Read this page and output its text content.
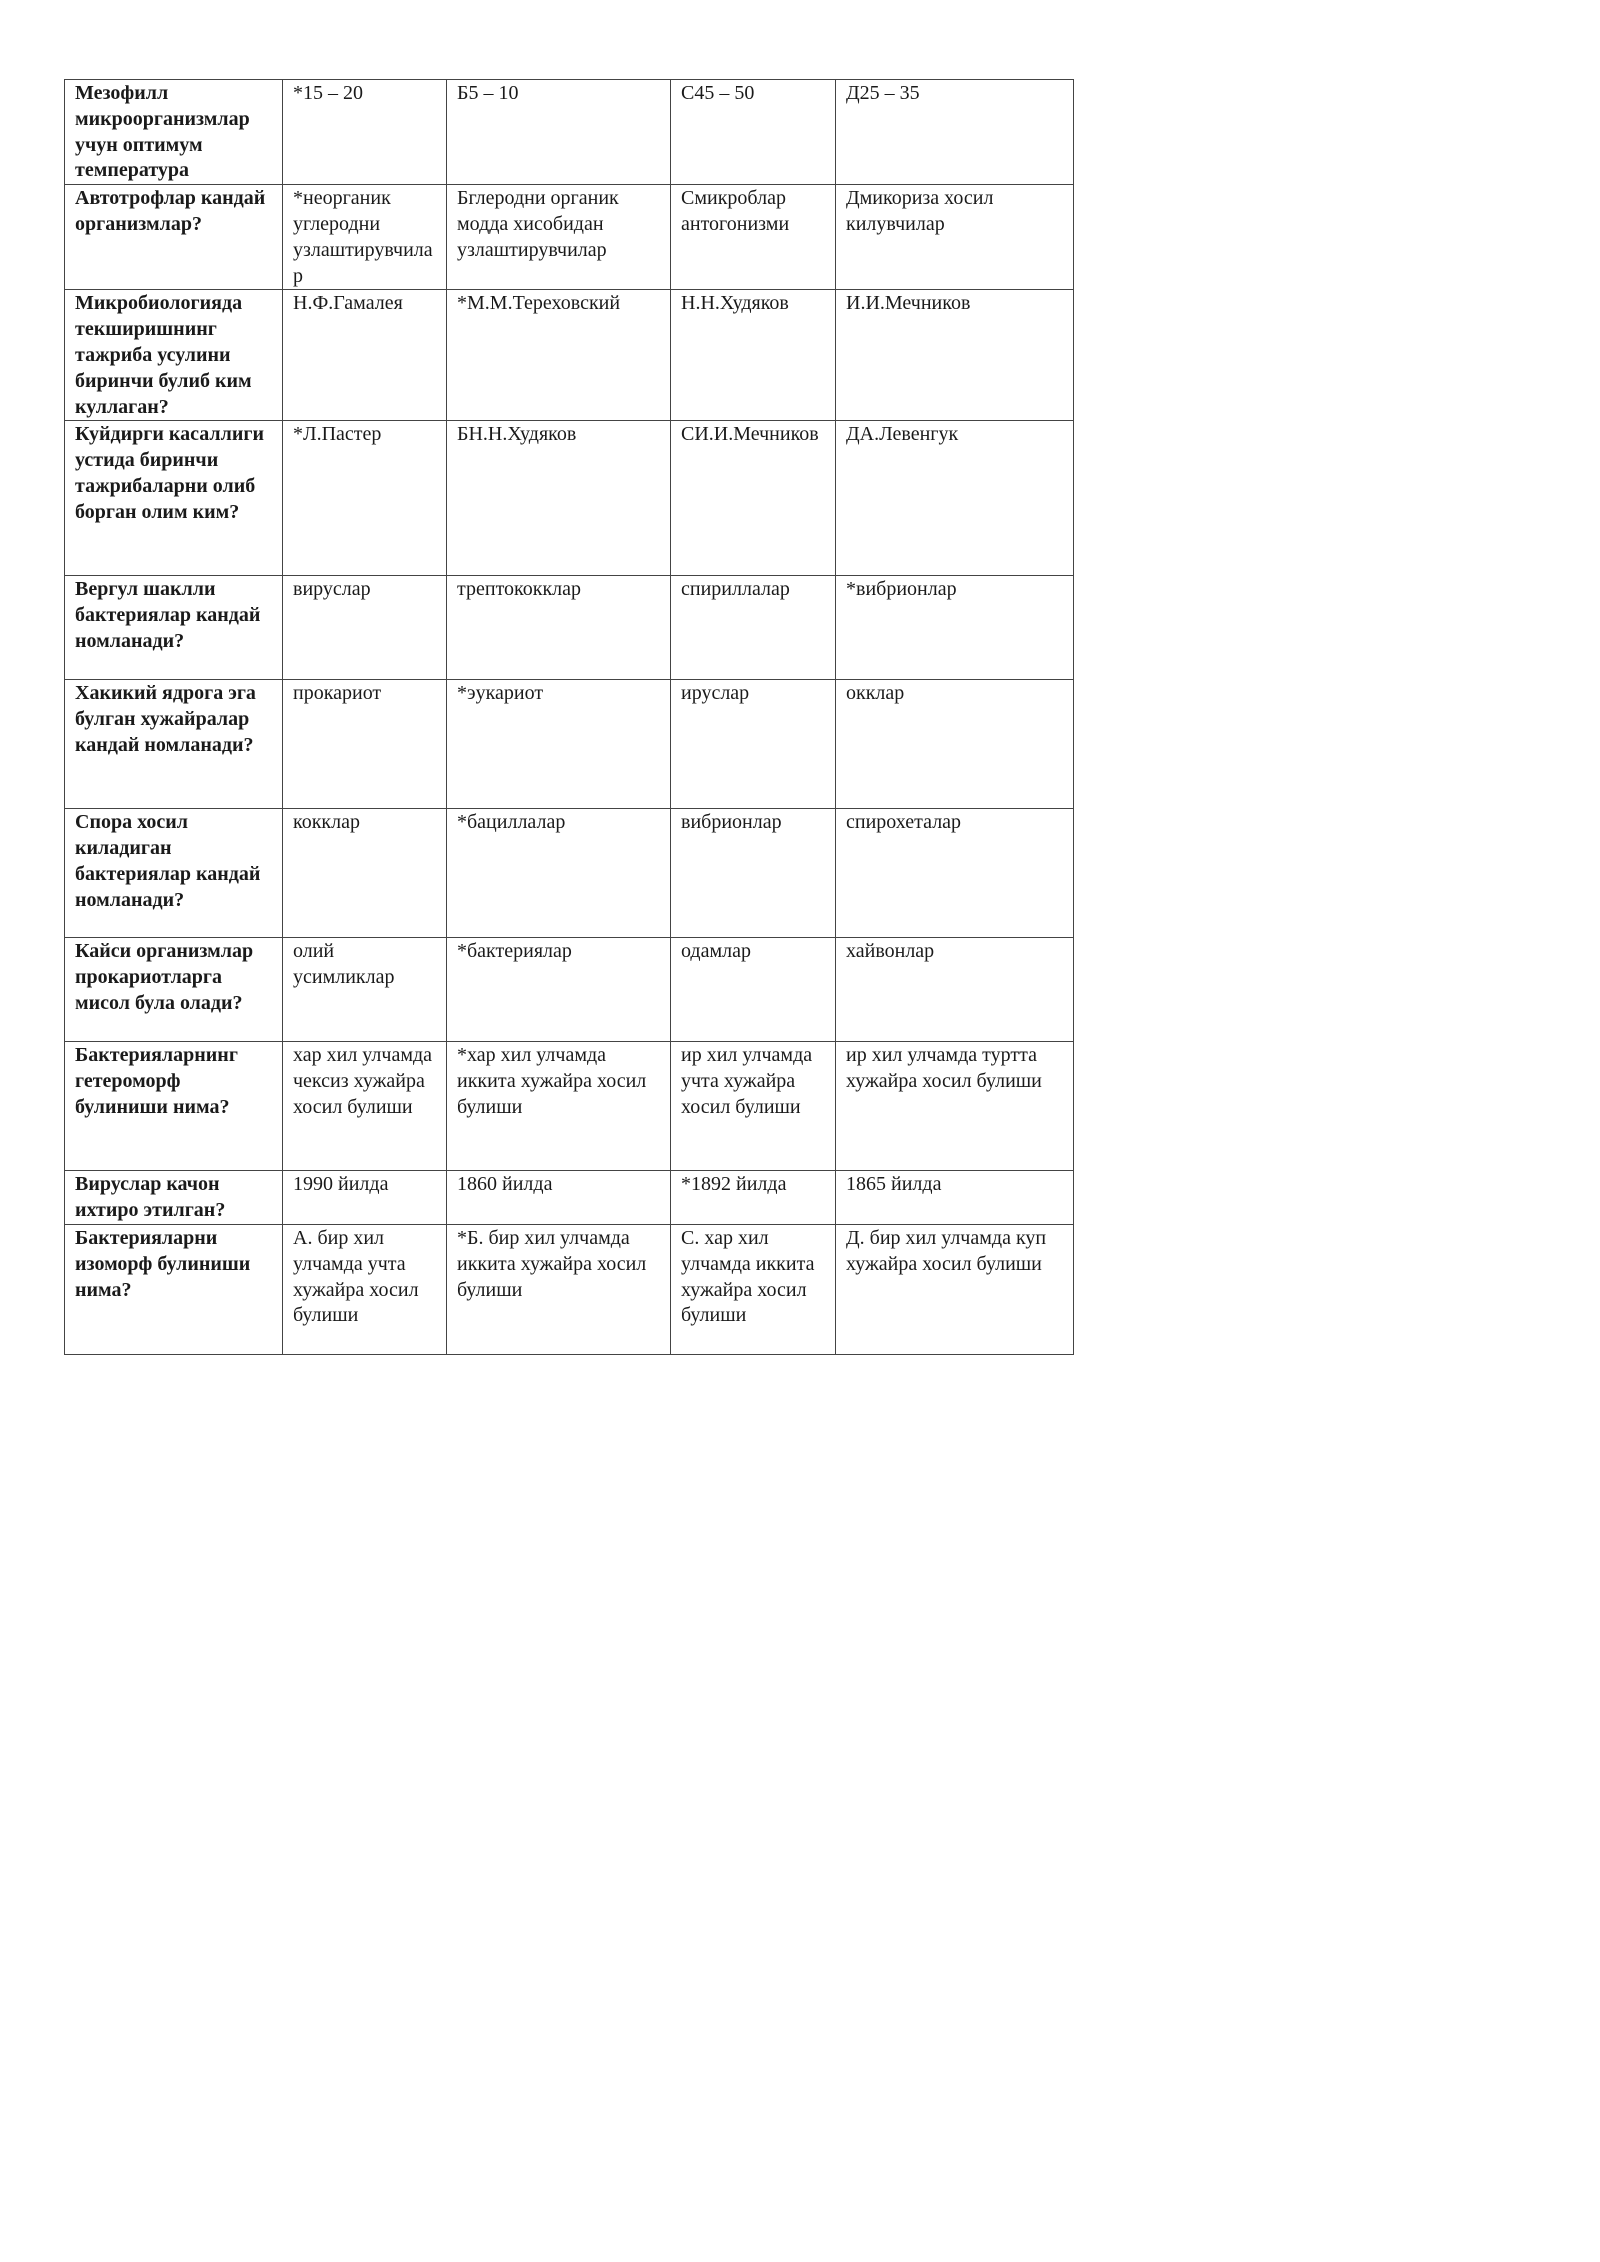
Мезофилл микроорганизмлар учун оптимум температура	*15 – 20	Б5 – 10	С45 – 50	Д25 – 35
Автотрофлар кандай организмлар?	*неорганик углеродни узлаштирувчилар	Бглеродни органик модда хисобидан узлаштирувчилар	Смикроблар антогонизми	Дмикориза хосил килувчилар
Микробиологияда текширишнинг тажриба усулини биринчи булиб ким куллаган?	Н.Ф.Гамалея	*М.М.Тереховский	Н.Н.Худяков	И.И.Мечников
Куйдирги касаллиги устида биринчи тажрибаларни олиб борган олим ким?	*Л.Пастер	БН.Н.Худяков	СИ.И.Мечников	ДА.Левенгук
Вергул шаклли бактериялар кандай номланади?	вируслар	трептококклар	спириллалар	*вибрионлар
Хакикий ядрога эга булган хужайралар кандай номланади?	прокариот	*эукариот	ируслар	окклар
Спора хосил киладиган бактериялар кандай номланади?	кокклар	*бациллалар	вибрионлар	спирохеталар
Кайси организмлар прокариотларга мисол була олади?	олий усимликлар	*бактериялар	одамлар	хайвонлар
Бактерияларнинг гетероморф булиниши нима?	хар хил улчамда чексиз хужайра хосил булиши	*хар хил улчамда иккита хужайра хосил булиши	ир хил улчамда учта хужайра хосил булиши	ир хил улчамда туртта хужайра хосил булиши
Вируслар качон ихтиро этилган?	1990 йилда	1860 йилда	*1892 йилда	1865 йилда
Бактерияларни изоморф булиниши нима?	А. бир хил улчамда учта хужайра хосил булиши	*Б. бир хил улчамда иккита хужайра хосил булиши	С. хар хил улчамда иккита хужайра хосил булиши	Д. бир хил улчамда куп хужайра хосил булиши
